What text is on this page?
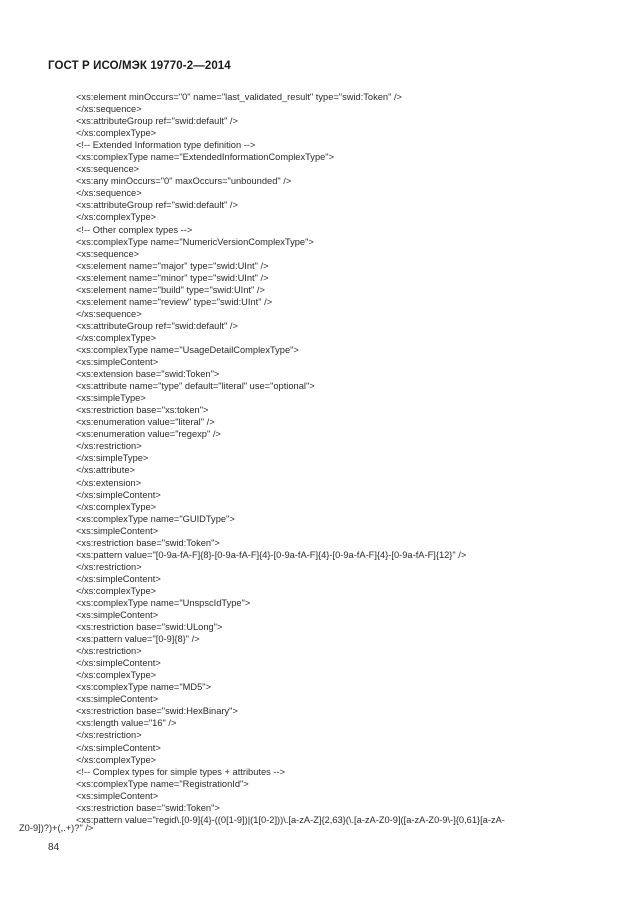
ГОСТ Р ИСО/МЭК 19770-2—2014
<xs:element minOccurs="0" name="last_validated_result" type="swid:Token" />
</xs:sequence>
<xs:attributeGroup ref="swid:default" />
</xs:complexType>
<!-- Extended Information type definition -->
<xs:complexType name="ExtendedInformationComplexType">
<xs:sequence>
<xs:any minOccurs="0" maxOccurs="unbounded" />
</xs:sequence>
<xs:attributeGroup ref="swid:default" />
</xs:complexType>
<!-- Other complex types -->
<xs:complexType name="NumericVersionComplexType">
<xs:sequence>
<xs:element name="major" type="swid:UInt" />
<xs:element name="minor" type="swid:UInt" />
<xs:element name="build" type="swid:UInt" />
<xs:element name="review" type="swid:UInt" />
</xs:sequence>
<xs:attributeGroup ref="swid:default" />
</xs:complexType>
<xs:complexType name="UsageDetailComplexType">
<xs:simpleContent>
<xs:extension base="swid:Token">
<xs:attribute name="type" default="literal" use="optional">
<xs:simpleType>
<xs:restriction base="xs:token">
<xs:enumeration value="literal" />
<xs:enumeration value="regexp" />
</xs:restriction>
</xs:simpleType>
</xs:attribute>
</xs:extension>
</xs:simpleContent>
</xs:complexType>
<xs:complexType name="GUIDType">
<xs:simpleContent>
<xs:restriction base="swid:Token">
<xs:pattern value="[0-9a-fA-F]{8}-[0-9a-fA-F]{4}-[0-9a-fA-F]{4}-[0-9a-fA-F]{4}-[0-9a-fA-F]{12}" />
</xs:restriction>
</xs:simpleContent>
</xs:complexType>
<xs:complexType name="UnspscIdType">
<xs:simpleContent>
<xs:restriction base="swid:ULong">
<xs:pattern value="[0-9]{8}" />
</xs:restriction>
</xs:simpleContent>
</xs:complexType>
<xs:complexType name="MD5">
<xs:simpleContent>
<xs:restriction base="swid:HexBinary">
<xs:length value="16" />
</xs:restriction>
</xs:simpleContent>
</xs:complexType>
<!-- Complex types for simple types + attributes -->
<xs:complexType name="RegistrationId">
<xs:simpleContent>
<xs:restriction base="swid:Token">
<xs:pattern value="regid\.[0-9]{4}-((0[1-9])|(1[0-2]))\.[a-zA-Z]{2,63}(\.[a-zA-Z0-9]([a-zA-Z0-9\-]{0,61}[a-zA-
Z0-9])?)+(,.+)?" />
84
